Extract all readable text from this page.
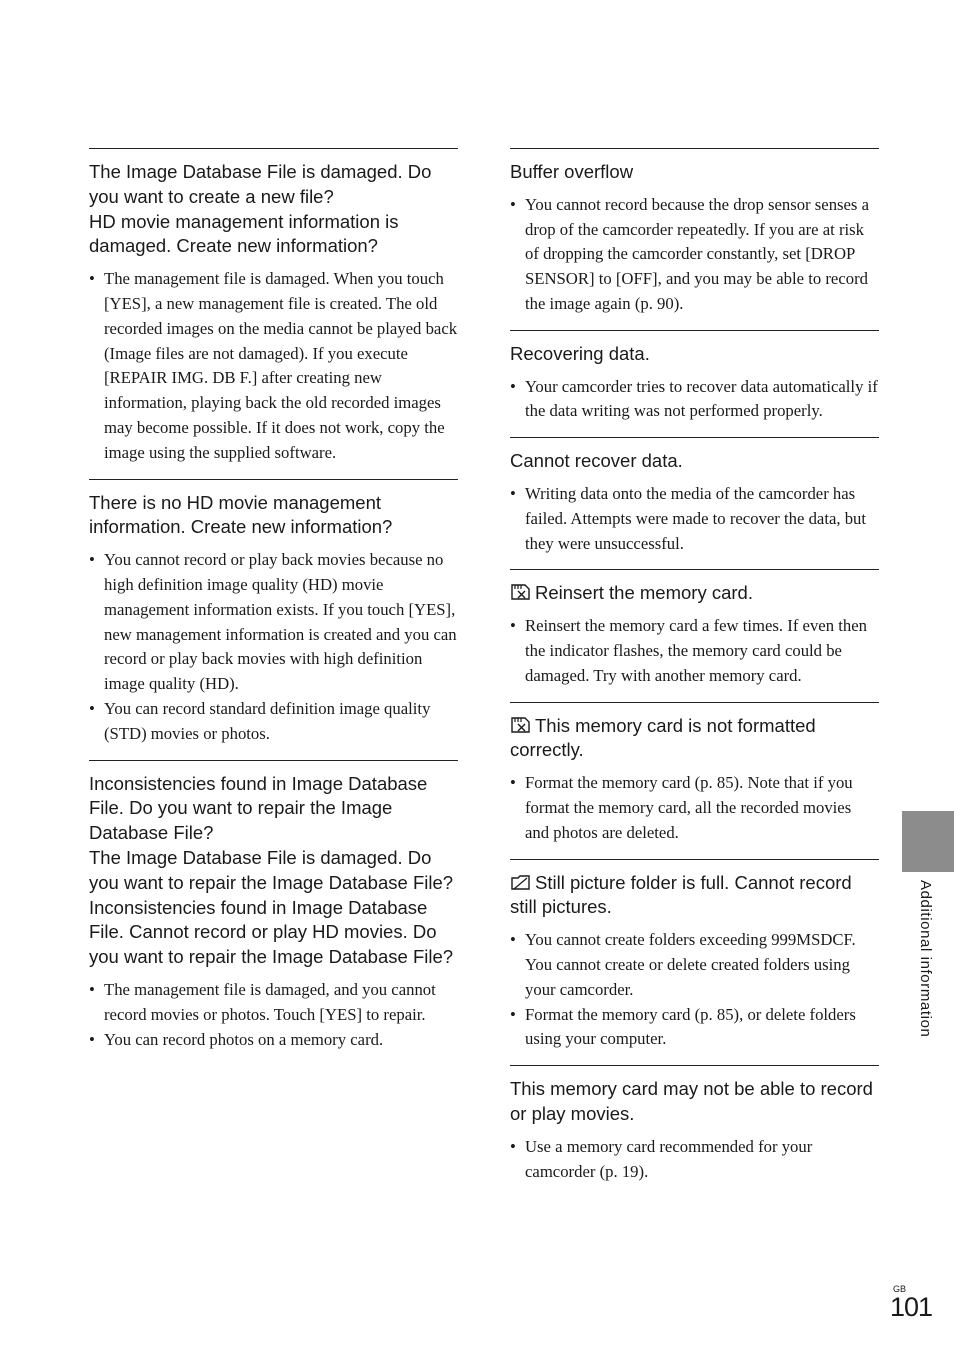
The Image Database File is damaged. Do you want to create a new file?
HD movie management information is damaged. Create new information?
• The management file is damaged. When you touch [YES], a new management file is created. The old recorded images on the media cannot be played back (Image files are not damaged). If you execute [REPAIR IMG. DB F.] after creating new information, playing back the old recorded images may become possible. If it does not work, copy the image using the supplied software.
There is no HD movie management information. Create new information?
• You cannot record or play back movies because no high definition image quality (HD) movie management information exists. If you touch [YES], new management information is created and you can record or play back movies with high definition image quality (HD).
• You can record standard definition image quality (STD) movies or photos.
Inconsistencies found in Image Database File. Do you want to repair the Image Database File?
The Image Database File is damaged. Do you want to repair the Image Database File?
Inconsistencies found in Image Database File. Cannot record or play HD movies. Do you want to repair the Image Database File?
• The management file is damaged, and you cannot record movies or photos. Touch [YES] to repair.
• You can record photos on a memory card.
Buffer overflow
• You cannot record because the drop sensor senses a drop of the camcorder repeatedly. If you are at risk of dropping the camcorder constantly, set [DROP SENSOR] to [OFF], and you may be able to record the image again (p. 90).
Recovering data.
• Your camcorder tries to recover data automatically if the data writing was not performed properly.
Cannot recover data.
• Writing data onto the media of the camcorder has failed. Attempts were made to recover the data, but they were unsuccessful.
Reinsert the memory card.
• Reinsert the memory card a few times. If even then the indicator flashes, the memory card could be damaged. Try with another memory card.
This memory card is not formatted correctly.
• Format the memory card (p. 85). Note that if you format the memory card, all the recorded movies and photos are deleted.
Still picture folder is full. Cannot record still pictures.
• You cannot create folders exceeding 999MSDCF. You cannot create or delete created folders using your camcorder.
• Format the memory card (p. 85), or delete folders using your computer.
This memory card may not be able to record or play movies.
• Use a memory card recommended for your camcorder (p. 19).
Additional information
GB
101
